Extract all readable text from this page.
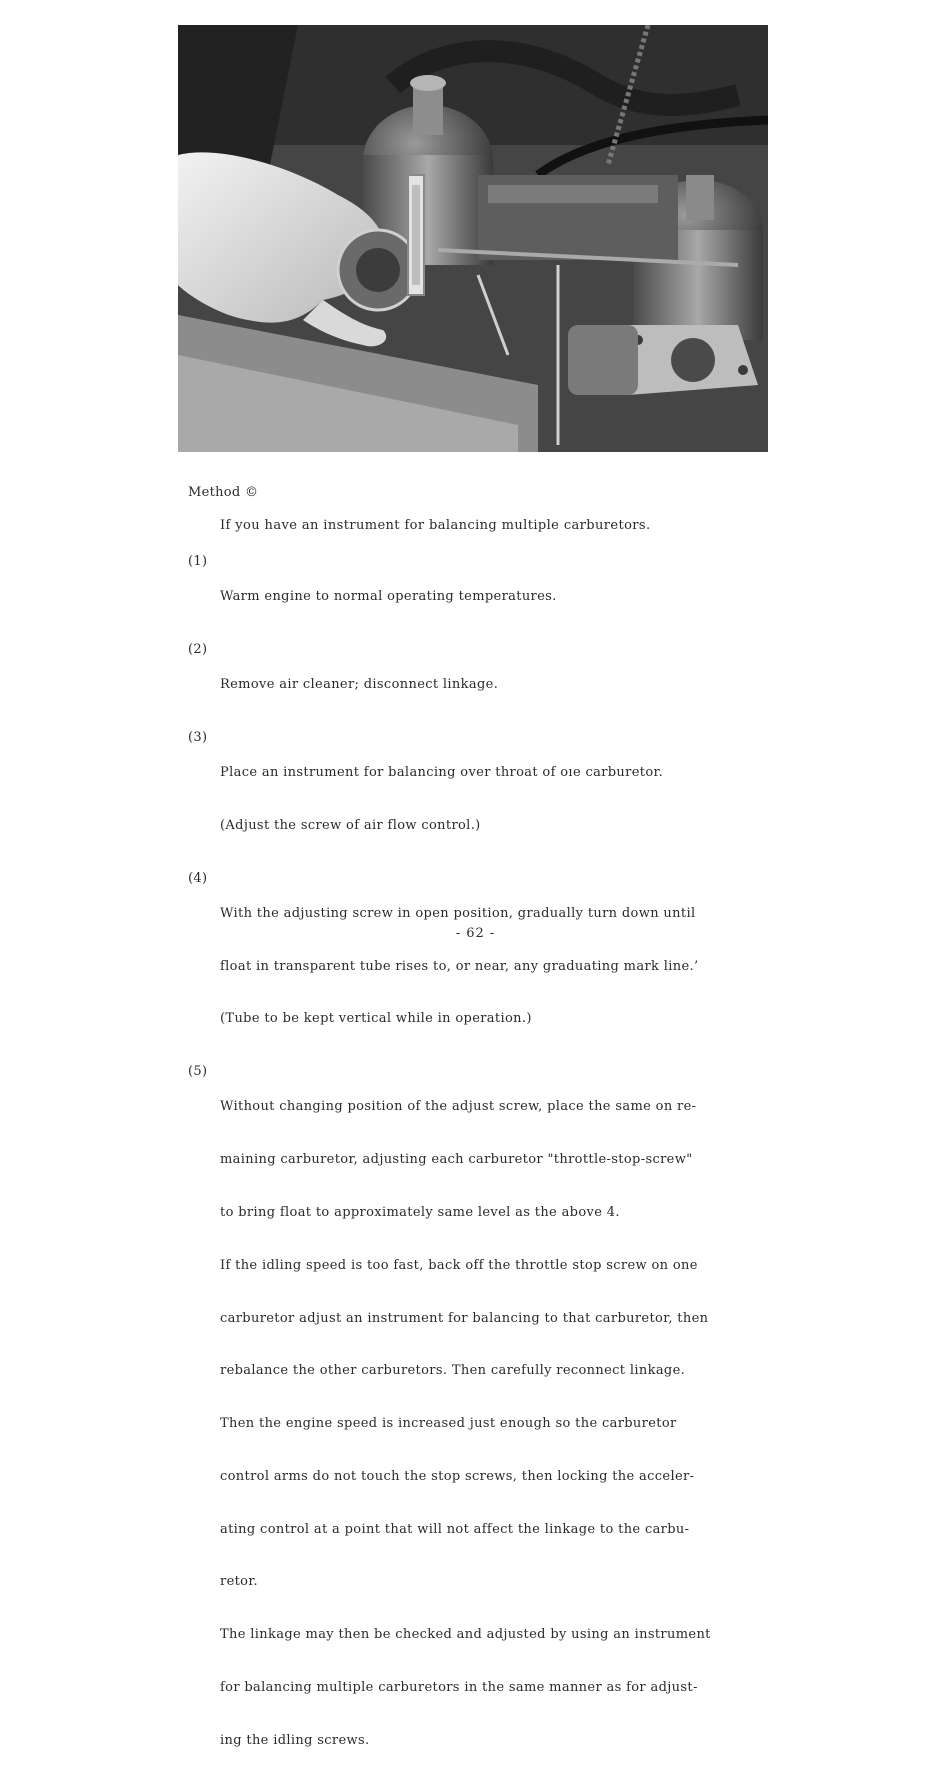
Method ©
If you have an instrument for balancing multiple carburetors.
(1)

Warm engine to normal operating temperatures.

(2)

Remove air cleaner; disconnect linkage.

(3)

Place an instrument for balancing over throat of oıe carburetor.

(Adjust the screw of air flow control.)

(4)

With the adjusting screw in open position, gradually turn down until

float in transparent tube rises to, or near, any graduating mark line.’

(Tube to be kept vertical while in operation.)

(5)

Without changing position of the adjust screw, place the same on re-

maining carburetor, adjusting each carburetor "throttle-stop-screw"

to bring float to approximately same level as the above 4.

If the idling speed is too fast, back off the throttle stop screw on one

carburetor adjust an instrument for balancing to that carburetor, then

rebalance the other carburetors. Then carefully reconnect linkage.

Then the engine speed is increased just enough so the carburetor

control arms do not touch the stop screws, then locking the acceler-

ating control at a point that will not affect the linkage to the carbu-

retor.

The linkage may then be checked and adjusted by using an instrument

for balancing multiple carburetors in the same manner as for adjust-

ing the idling screws.

- 62 -
